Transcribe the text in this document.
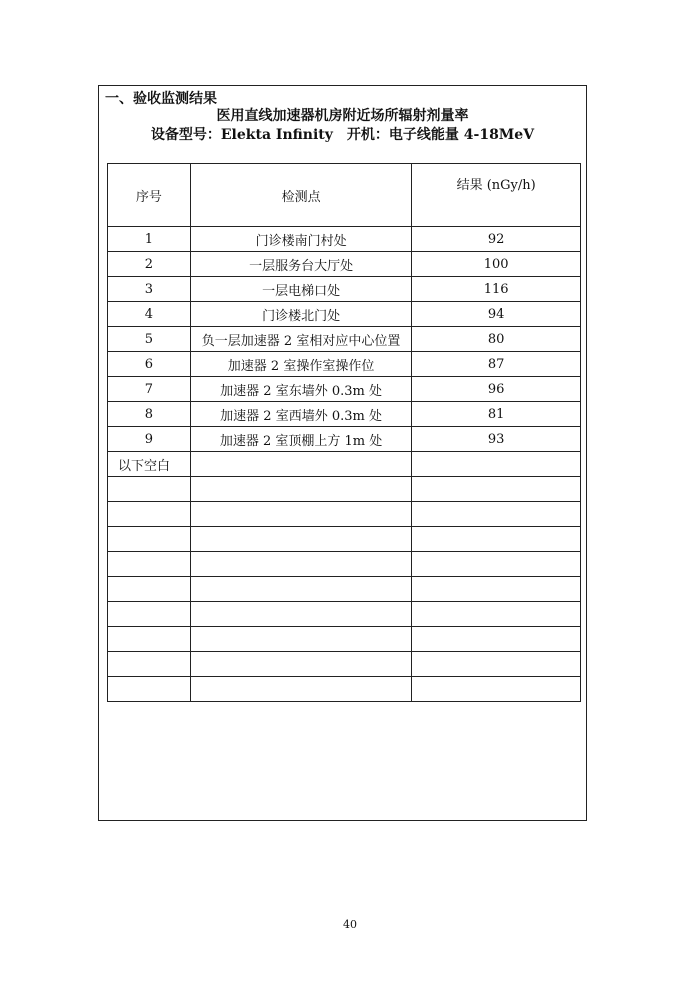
一、验收监测结果
医用直线加速器机房附近场所辐射剂量率
设备型号：Elekta Infinity　开机：电子线能量 4-18MeV
序号	检测点	结果 (nGy/h)
1	门诊楼南门村处	92
2	一层服务台大厅处	100
3	一层电梯口处	116
4	门诊楼北门处	94
5	负一层加速器 2 室相对应中心位置	80
6	加速器 2 室操作室操作位	87
7	加速器 2 室东墙外 0.3m 处	96
8	加速器 2 室西墙外 0.3m 处	81
9	加速器 2 室顶棚上方 1m 处	93
以下空白		

40
